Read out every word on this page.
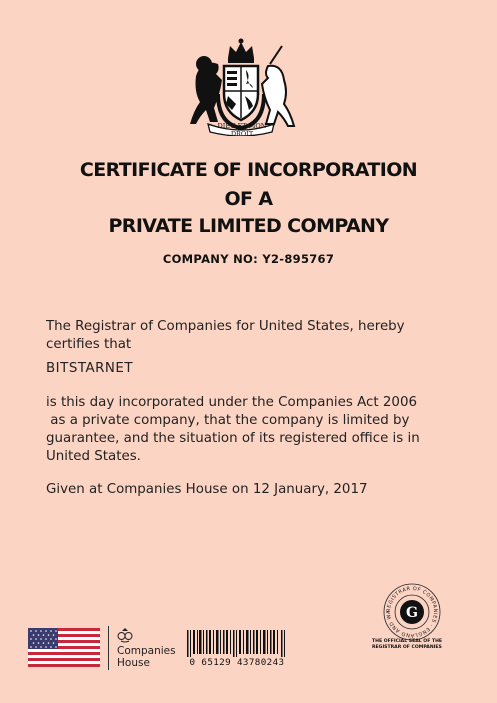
DIEU ET MON DROIT
CERTIFICATE OF INCORPORATION
OF A
PRIVATE LIMITED COMPANY
COMPANY NO: Y2-895767
The Registrar of Companies for United States, hereby
certifies that
BITSTARNET
is this day incorporated under the Companies Act 2006
as a private company, that the company is limited by
guarantee, and the situation of its registered office is in
United States.
Given at Companies House on 12 January, 2017
REGISTRAR OF COMPANIES · ENGLAND AND WA	G
THE OFFICIAL SEAL OF THE
REGISTRAR OF COMPANIES
Companies
House	0 65129 43780243
